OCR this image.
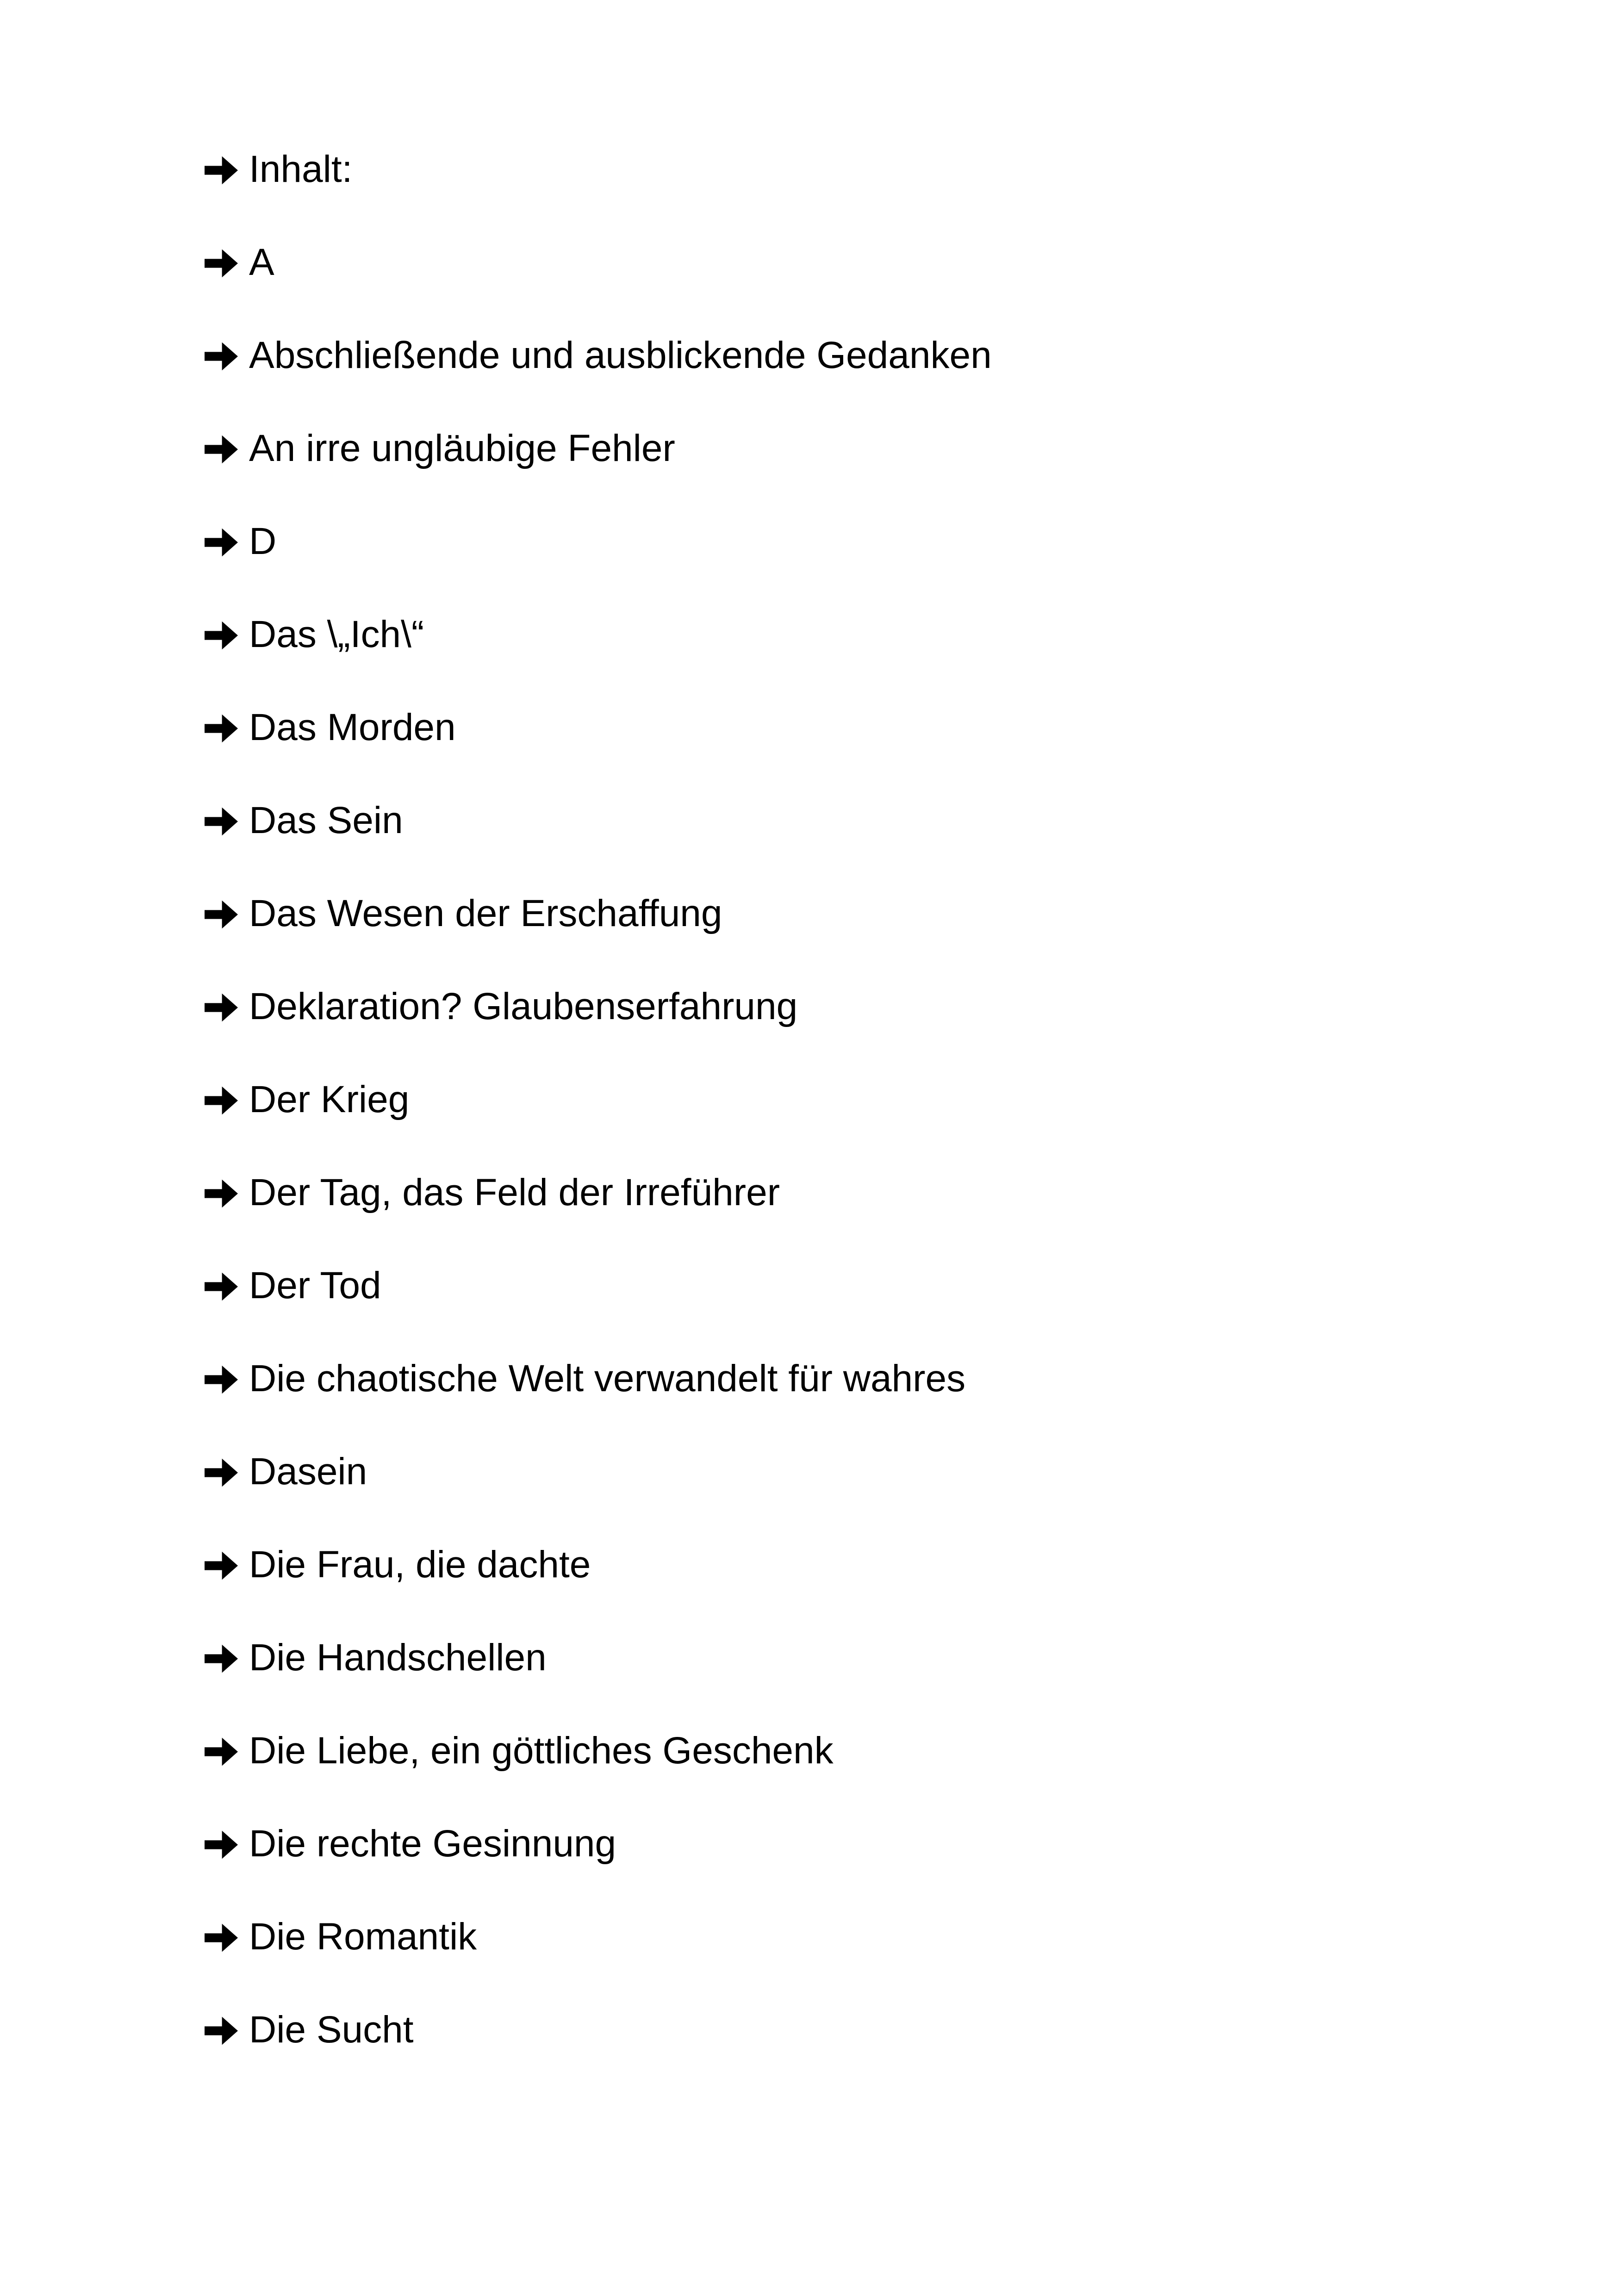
Inhalt:
A
Abschließende und ausblickende Gedanken
An irre ungläubige Fehler
D
Das \„Ich\“
Das Morden
Das Sein
Das Wesen der Erschaffung
Deklaration? Glaubenserfahrung
Der Krieg
Der Tag, das Feld der Irreführer
Der Tod
Die chaotische Welt verwandelt für wahres
Dasein
Die Frau, die dachte
Die Handschellen
Die Liebe, ein göttliches Geschenk
Die rechte Gesinnung
Die Romantik
Die Sucht
